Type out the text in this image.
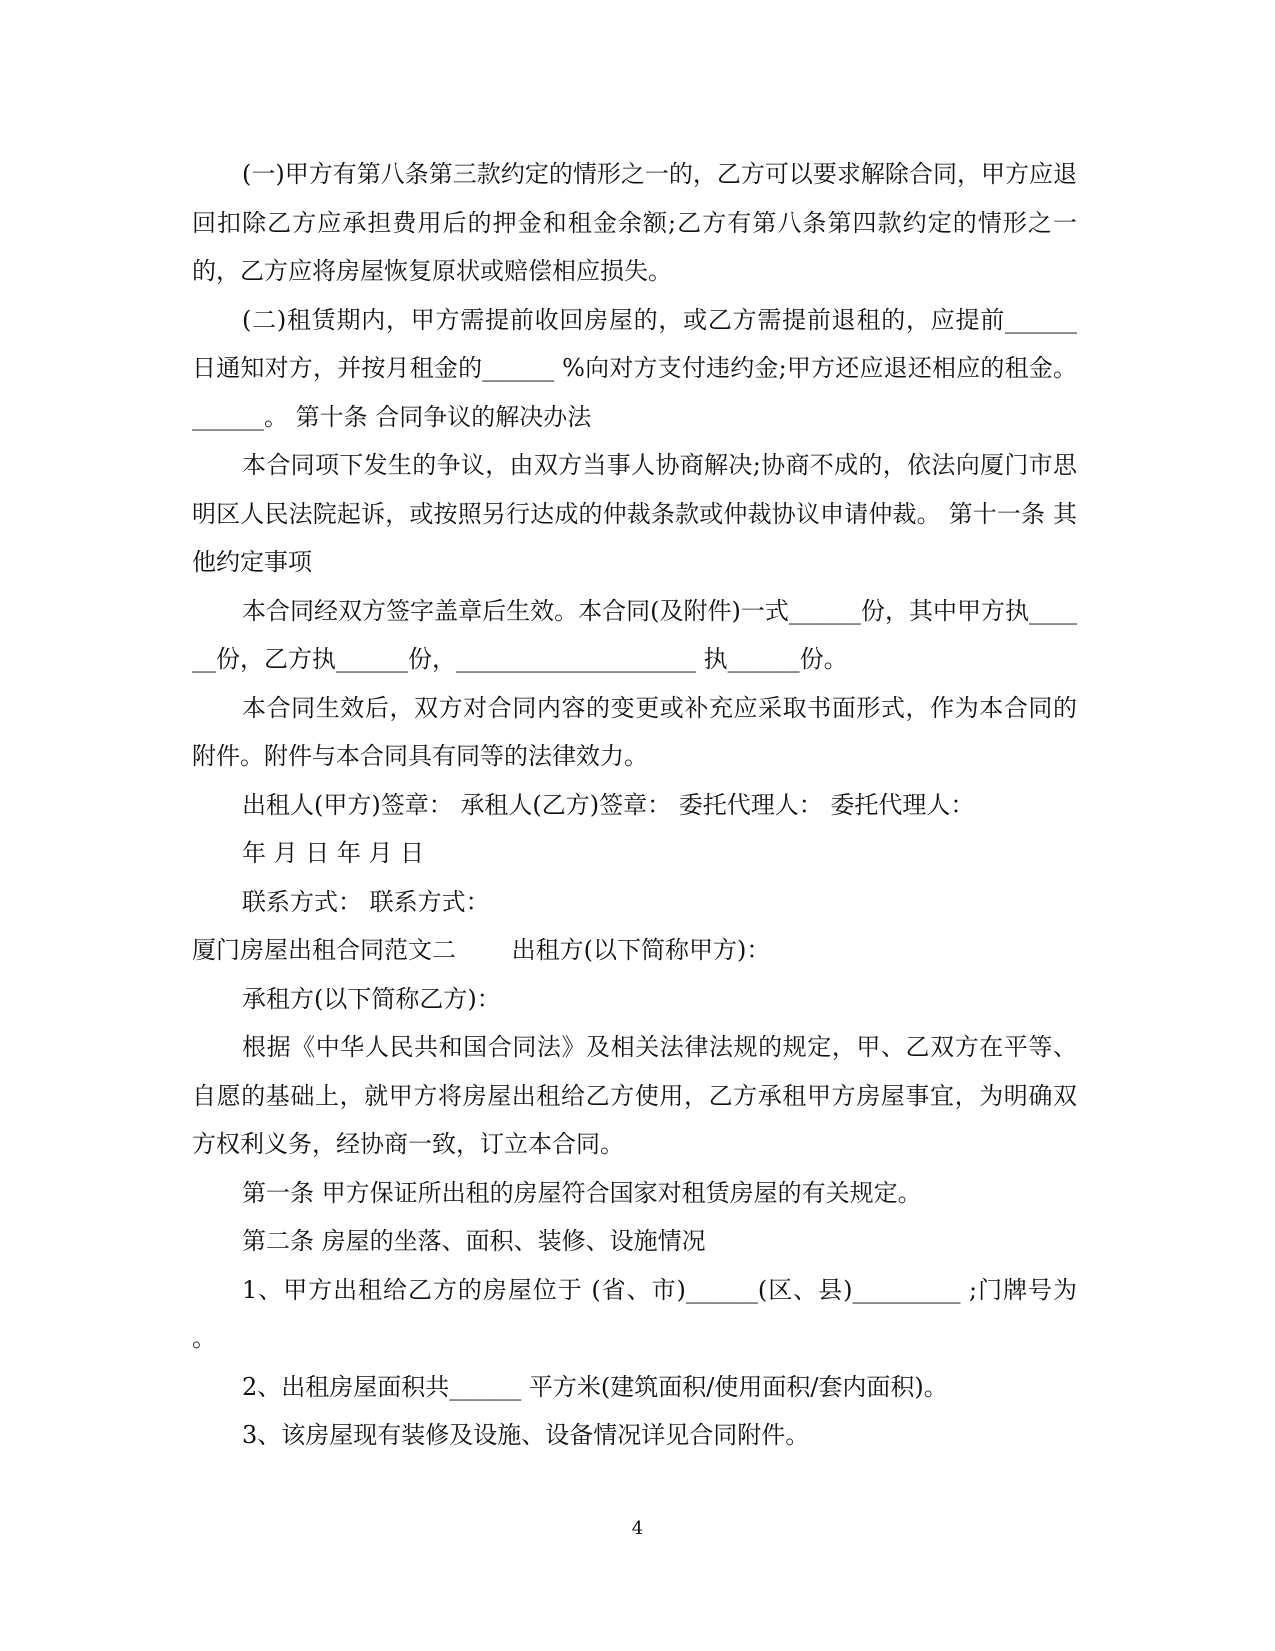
(一)甲方有第八条第三款约定的情形之一的，乙方可以要求解除合同，甲方应退回扣除乙方应承担费用后的押金和租金余额;乙方有第八条第四款约定的情形之一的，乙方应将房屋恢复原状或赔偿相应损失。

(二)租赁期内，甲方需提前收回房屋的，或乙方需提前退租的，应提前______ 日通知对方，并按月租金的______ %向对方支付违约金;甲方还应退还相应的租金。 ______。 第十条 合同争议的解决办法

本合同项下发生的争议，由双方当事人协商解决;协商不成的，依法向厦门市思明区人民法院起诉，或按照另行达成的仲裁条款或仲裁协议申请仲裁。 第十一条 其他约定事项

本合同经双方签字盖章后生效。本合同(及附件)一式______份，其中甲方执______份，乙方执______份，____________________ 执______份。

本合同生效后，双方对合同内容的变更或补充应采取书面形式，作为本合同的附件。附件与本合同具有同等的法律效力。

出租人(甲方)签章： 承租人(乙方)签章： 委托代理人： 委托代理人：

年 月 日 年 月 日

联系方式： 联系方式：

厦门房屋出租合同范文二 　　出租方(以下简称甲方)：

承租方(以下简称乙方)：

根据《中华人民共和国合同法》及相关法律法规的规定，甲、乙双方在平等、自愿的基础上，就甲方将房屋出租给乙方使用，乙方承租甲方房屋事宜，为明确双方权利义务，经协商一致，订立本合同。

第一条 甲方保证所出租的房屋符合国家对租赁房屋的有关规定。

第二条 房屋的坐落、面积、装修、设施情况

1、甲方出租给乙方的房屋位于 (省、市)______(区、县)_________ ;门牌号为 。

2、出租房屋面积共______ 平方米(建筑面积/使用面积/套内面积)。

3、该房屋现有装修及设施、设备情况详见合同附件。

4
